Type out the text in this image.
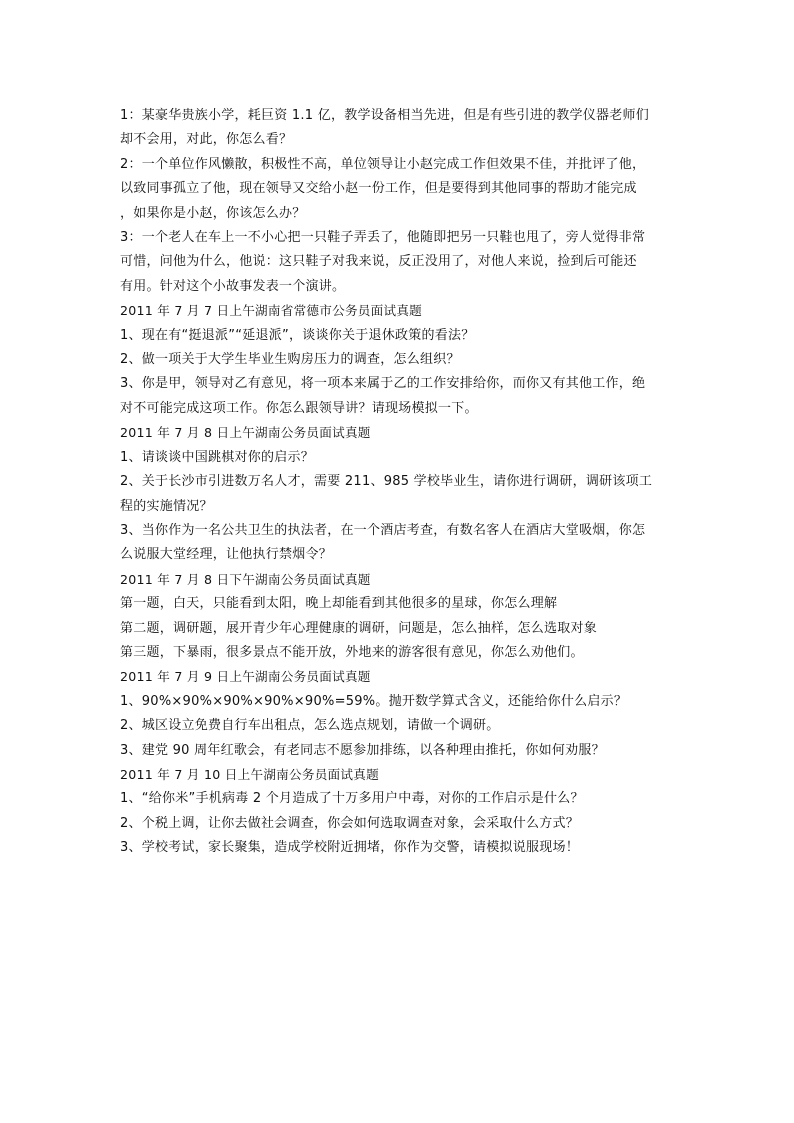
1：某豪华贵族小学，耗巨资 1.1 亿，教学设备相当先进，但是有些引进的教学仪器老师们
却不会用，对此，你怎么看？
2：一个单位作风懒散，积极性不高，单位领导让小赵完成工作但效果不佳，并批评了他，
以致同事孤立了他，现在领导又交给小赵一份工作，但是要得到其他同事的帮助才能完成
，如果你是小赵，你该怎么办？
3：一个老人在车上一不小心把一只鞋子弄丢了，他随即把另一只鞋也甩了，旁人觉得非常
可惜，问他为什么，他说：这只鞋子对我来说，反正没用了，对他人来说，捡到后可能还
有用。针对这个小故事发表一个演讲。
2011 年 7 月 7 日上午湖南省常德市公务员面试真题
1、现在有“挺退派”“延退派”，谈谈你关于退休政策的看法？
2、做一项关于大学生毕业生购房压力的调查，怎么组织？
3、你是甲，领导对乙有意见，将一项本来属于乙的工作安排给你，而你又有其他工作，绝
对不可能完成这项工作。你怎么跟领导讲？请现场模拟一下。
2011 年 7 月 8 日上午湖南公务员面试真题
1、请谈谈中国跳棋对你的启示？
2、关于长沙市引进数万名人才，需要 211、985 学校毕业生，请你进行调研，调研该项工
程的实施情况？
3、当你作为一名公共卫生的执法者，在一个酒店考查，有数名客人在酒店大堂吸烟，你怎
么说服大堂经理，让他执行禁烟令？
2011 年 7 月 8 日下午湖南公务员面试真题
第一题，白天，只能看到太阳，晚上却能看到其他很多的星球，你怎么理解
第二题，调研题，展开青少年心理健康的调研，问题是，怎么抽样，怎么选取对象
第三题，下暴雨，很多景点不能开放，外地来的游客很有意见，你怎么劝他们。
2011 年 7 月 9 日上午湖南公务员面试真题
1、90%×90%×90%×90%×90%=59%。抛开数学算式含义，还能给你什么启示？
2、城区设立免费自行车出租点，怎么选点规划，请做一个调研。
3、建党 90 周年红歌会，有老同志不愿参加排练，以各种理由推托，你如何劝服？
2011 年 7 月 10 日上午湖南公务员面试真题
1、“给你米”手机病毒 2 个月造成了十万多用户中毒，对你的工作启示是什么？
2、个税上调，让你去做社会调查，你会如何选取调查对象，会采取什么方式？
3、学校考试，家长聚集，造成学校附近拥堵，你作为交警，请模拟说服现场！
